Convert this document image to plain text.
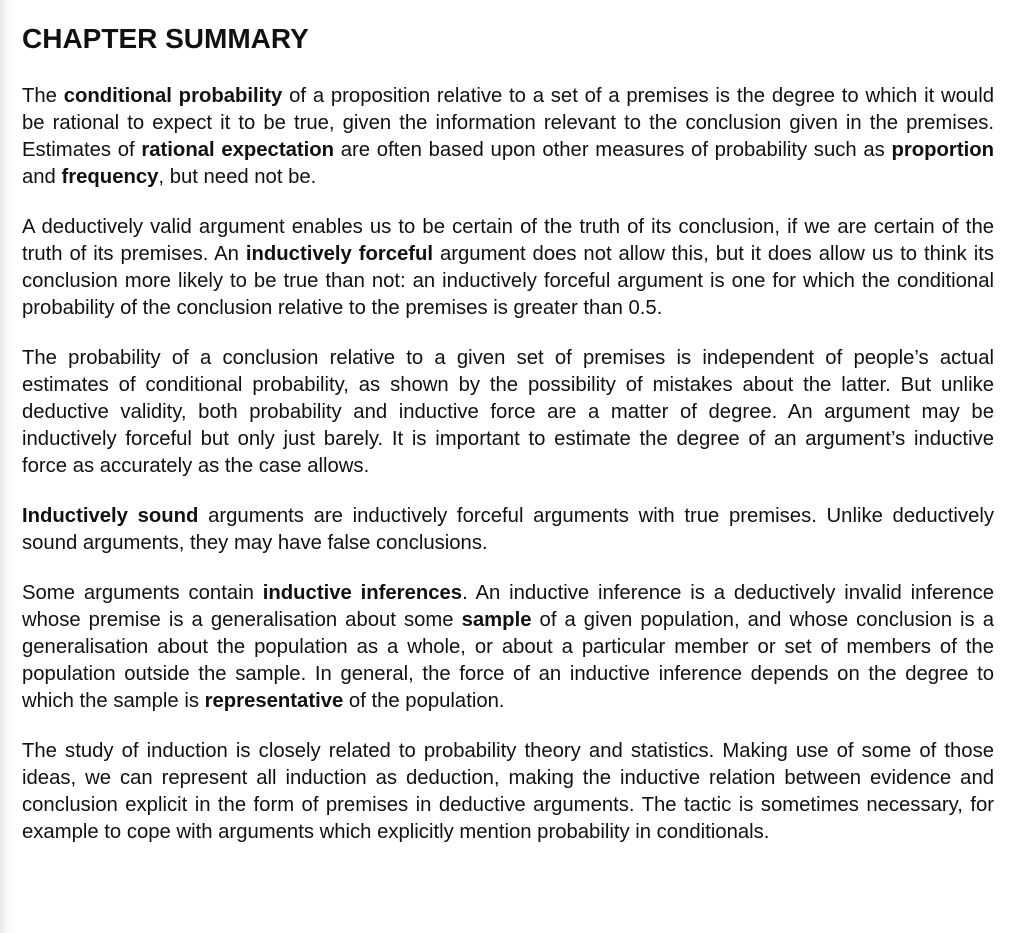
CHAPTER SUMMARY

The conditional probability of a proposition relative to a set of a premises is the degree to which it would be rational to expect it to be true, given the information relevant to the conclusion given in the premises. Estimates of rational expectation are often based upon other measures of probability such as proportion and frequency, but need not be.

A deductively valid argument enables us to be certain of the truth of its conclusion, if we are certain of the truth of its premises. An inductively forceful argument does not allow this, but it does allow us to think its conclusion more likely to be true than not: an inductively forceful argument is one for which the conditional probability of the conclusion relative to the premises is greater than 0.5.

The probability of a conclusion relative to a given set of premises is independent of people’s actual estimates of conditional probability, as shown by the possibility of mistakes about the latter. But unlike deductive validity, both probability and inductive force are a matter of degree. An argument may be inductively forceful but only just barely. It is important to estimate the degree of an argument’s inductive force as accurately as the case allows.

Inductively sound arguments are inductively forceful arguments with true premises. Unlike deductively sound arguments, they may have false conclusions.

Some arguments contain inductive inferences. An inductive inference is a deductively invalid inference whose premise is a generalisation about some sample of a given population, and whose conclusion is a generalisation about the population as a whole, or about a particular member or set of members of the population outside the sample. In general, the force of an inductive inference depends on the degree to which the sample is representative of the population.

The study of induction is closely related to probability theory and statistics. Making use of some of those ideas, we can represent all induction as deduction, making the inductive relation between evidence and conclusion explicit in the form of premises in deductive arguments. The tactic is sometimes necessary, for example to cope with arguments which explicitly mention probability in conditionals.
